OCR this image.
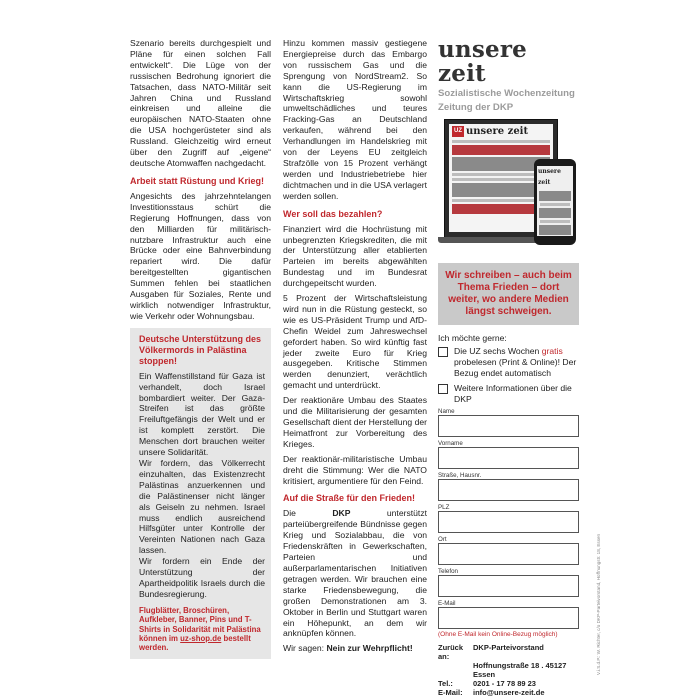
Szenario bereits durchgespielt und Pläne für einen solchen Fall entwickelt“. Die Lüge von der russischen Bedrohung ignoriert die Tatsachen, dass NATO-Militär seit Jahren China und Russland einkreisen und alleine die europäischen NATO-Staaten ohne die USA hochgerüsteter sind als Russland. Gleichzeitig wird erneut über den Zugriff auf „eigene“ deutsche Atomwaffen nachgedacht.

Arbeit statt Rüstung und Krieg!

Angesichts des jahrzehntelangen Investitionsstaus schürt die Regierung Hoffnungen, dass von den Milliarden für militärisch-nutzbare Infrastruktur auch eine Brücke oder eine Bahnverbindung repariert wird. Die dafür bereitgestellten gigantischen Summen fehlen bei staatlichen Ausgaben für Soziales, Rente und wirklich notwendiger Infrastruktur, wie Verkehr oder Wohnungsbau.

Deutsche Unterstützung des Völkermords in Palästina stoppen!

Ein Waffenstillstand für Gaza ist verhandelt, doch Israel bombardiert weiter. Der Gaza-Streifen ist das größte Freiluftgefängis der Welt und er ist komplett zerstört. Die Menschen dort brauchen weiter unsere Solidarität.

Wir fordern, das Völkerrecht einzuhalten, das Existenzrecht Palästinas anzuerkennen und die Palästinenser nicht länger als Geiseln zu nehmen. Israel muss endlich ausreichend Hilfsgüter unter Kontrolle der Vereinten Nationen nach Gaza lassen.

Wir fordern ein Ende der Unterstützung der Apartheidpolitik Israels durch die Bundesregierung.

Flugblätter, Broschüren, Aufkleber, Banner, Pins und T-Shirts in Solidarität mit Palästina können im uz-shop.de bestellt werden.

Hinzu kommen massiv gestiegene Energiepreise durch das Embargo von russischem Gas und die Sprengung von NordStream2. So kann die US-Regierung im Wirtschaftskrieg sowohl umweltschädliches und teures Fracking-Gas an Deutschland verkaufen, während bei den Verhandlungen im Handelskrieg mit von der Leyens EU zeitgleich Strafzölle von 15 Prozent verhängt werden und Industriebetriebe hier dichtmachen und in die USA verlagert werden sollen.

Wer soll das bezahlen?

Finanziert wird die Hochrüstung mit unbegrenzten Kriegskrediten, die mit der Unterstützung aller etablierten Parteien im bereits abgewählten Bundestag und im Bundesrat durchgepeitscht wurden.

5 Prozent der Wirtschaftsleistung wird nun in die Rüstung gesteckt, so wie es US-Präsident Trump und AfD-Chefin Weidel zum Jahreswechsel gefordert haben. So wird künftig fast jeder zweite Euro für Krieg ausgegeben. Kritische Stimmen werden denunziert, verächtlich gemacht und unterdrückt.

Der reaktionäre Umbau des Staates und die Militarisierung der gesamten Gesellschaft dient der Herstellung der Heimatfront zur Vorbereitung des Krieges.

Der reaktionär-militaristische Umbau dreht die Stimmung: Wer die NATO kritisiert, argumentiere für den Feind.

Auf die Straße für den Frieden!

Die	DKP	unterstützt parteiübergreifende Bündnisse gegen Krieg und Sozialabbau, die von Friedenskräften in Gewerkschaften, Parteien und außerparlamentarischen Initiativen getragen werden. Wir brauchen eine starke Friedensbewegung, die großen Demonstrationen am 3. Oktober in Berlin und Stuttgart waren ein Höhepunkt, an dem wir anknüpfen können.

Wir sagen: Nein zur Wehrpflicht!

unsere zeit
Sozialistische Wochenzeitung
Zeitung der DKP
UZ unsere zeit
unsere zeit
Wir schreiben – auch beim Thema Frieden – dort weiter, wo andere Medien längst schweigen.
Ich möchte gerne:
Die UZ sechs Wochen gratis probelesen (Print & Online)! Der Bezug endet automatisch
Weitere Informationen über die DKP
Name
Vorname
Straße, Hausnr.
PLZ
Ort
Telefon
E-Mail
(Ohne E-Mail kein Online-Bezug möglich)
Zurück an:
DKP-Parteivorstand
Hoffnungstraße 18 . 45127 Essen
Tel.:	0201 - 17 78 89 23
E-Mail:	info@unsere-zeit.de
V.i.S.d.P.: W. Richter, c/o DKP-Parteivorstand, Hoffnungstr. 18, Essen
